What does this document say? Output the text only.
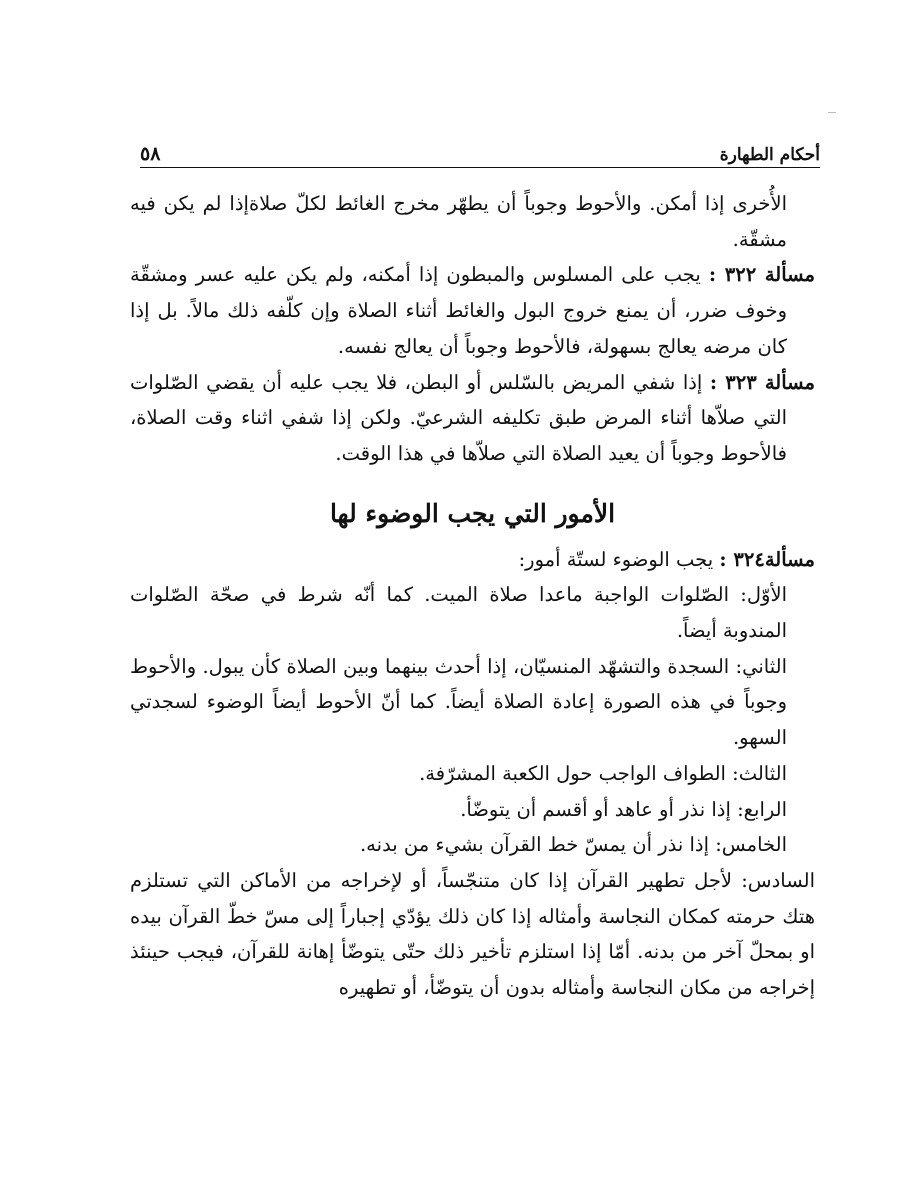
أحكام الطهارة
٥٨

الأُخرى إذا أمكن. والأحوط وجوباً أن يطهّر مخرج الغائط لكلّ صلاةإذا لم يكن فيه مشقّة.

مسألة ٣٢٢ : يجب على المسلوس والمبطون إذا أمكنه، ولم يكن عليه عسر ومشقّة وخوف ضرر، أن يمنع خروج البول والغائط أثناء الصلاة وإن كلّفه ذلك مالاً. بل إذا كان مرضه يعالج بسهولة، فالأحوط وجوباً أن يعالج نفسه.

مسألة ٣٢٣ : إذا شفي المريض بالسّلس أو البطن، فلا يجب عليه أن يقضي الصّلوات التي صلاّها أثناء المرض طبق تكليفه الشرعيّ. ولكن إذا شفي اثناء وقت الصلاة، فالأحوط وجوباً أن يعيد الصلاة التي صلاّها في هذا الوقت.

الأمور التي يجب الوضوء لها

مسألة٣٢٤ : يجب الوضوء لستّة أمور:

الأوّل: الصّلوات الواجبة ماعدا صلاة الميت. كما أنّه شرط في صحّة الصّلوات المندوبة أيضاً.

الثاني: السجدة والتشهّد المنسيّان، إذا أحدث بينهما وبين الصلاة كأن يبول. والأحوط وجوباً في هذه الصورة إعادة الصلاة أيضاً. كما أنّ الأحوط أيضاً الوضوء لسجدتي السهو.

الثالث: الطواف الواجب حول الكعبة المشرّفة.

الرابع: إذا نذر أو عاهد أو أقسم أن يتوضّأ.

الخامس: إذا نذر أن يمسّ خط القرآن بشيء من بدنه.

السادس: لأجل تطهير القرآن إذا كان متنجّساً، أو لإخراجه من الأماكن التي تستلزم هتك حرمته كمكان النجاسة وأمثاله إذا كان ذلك يؤدّي إجباراً إلى مسّ خطّ القرآن بيده او بمحلّ آخر من بدنه. أمّا إذا استلزم تأخير ذلك حتّى يتوضّأ إهانة للقرآن، فيجب حينئذ إخراجه من مكان النجاسة وأمثاله بدون أن يتوضّأ، أو تطهيره
